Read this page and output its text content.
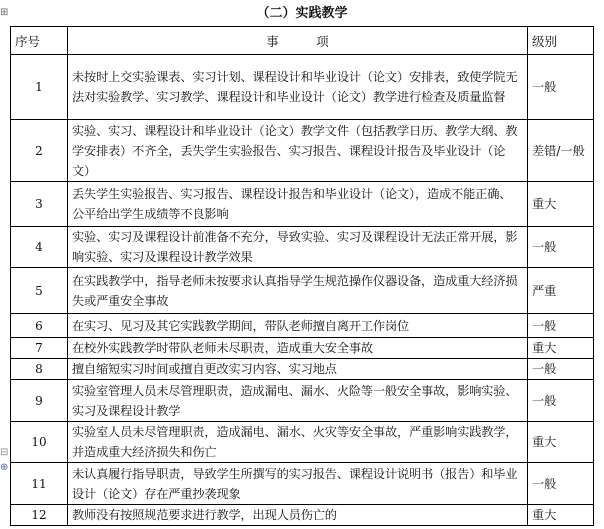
⊞	（二）实践教学
序号	事　　　项	级别
1	未按时上交实验课表、实习计划、课程设计和毕业设计（论文）安排表，致使学院无法对实验教学、实习教学、课程设计和毕业设计（论文）教学进行检查及质量监督	一般
2	实验、实习、课程设计和毕业设计（论文）教学文件（包括教学日历、教学大纲、教学安排表）不齐全，丢失学生实验报告、实习报告、课程设计报告及毕业设计（论文）	差错/一般
3	丢失学生实验报告、实习报告、课程设计报告和毕业设计（论文），造成不能正确、公平给出学生成绩等不良影响	重大
4	实验、实习及课程设计前准备不充分，导致实验、实习及课程设计无法正常开展，影响实验、实习及课程设计教学效果	一般
5	在实践教学中，指导老师未按要求认真指导学生规范操作仪器设备，造成重大经济损失或严重安全事故	严重
6	在实习、见习及其它实践教学期间，带队老师擅自离开工作岗位	一般
7	在校外实践教学时带队老师未尽职责，造成重大安全事故	重大
8	擅自缩短实习时间或擅自更改实习内容、实习地点	一般
9	实验室管理人员未尽管理职责，造成漏电、漏水、火险等一般安全事故，影响实验、实习及课程设计教学	一般
10	实验室人员未尽管理职责，造成漏电、漏水、火灾等安全事故，严重影响实践教学，并造成重大经济损失和伤亡	重大
11	未认真履行指导职责，导致学生所撰写的实习报告、课程设计说明书（报告）和毕业设计（论文）存在严重抄袭现象	一般
12	教师没有按照规范要求进行教学，出现人员伤亡的	重大
⊟
⊕
